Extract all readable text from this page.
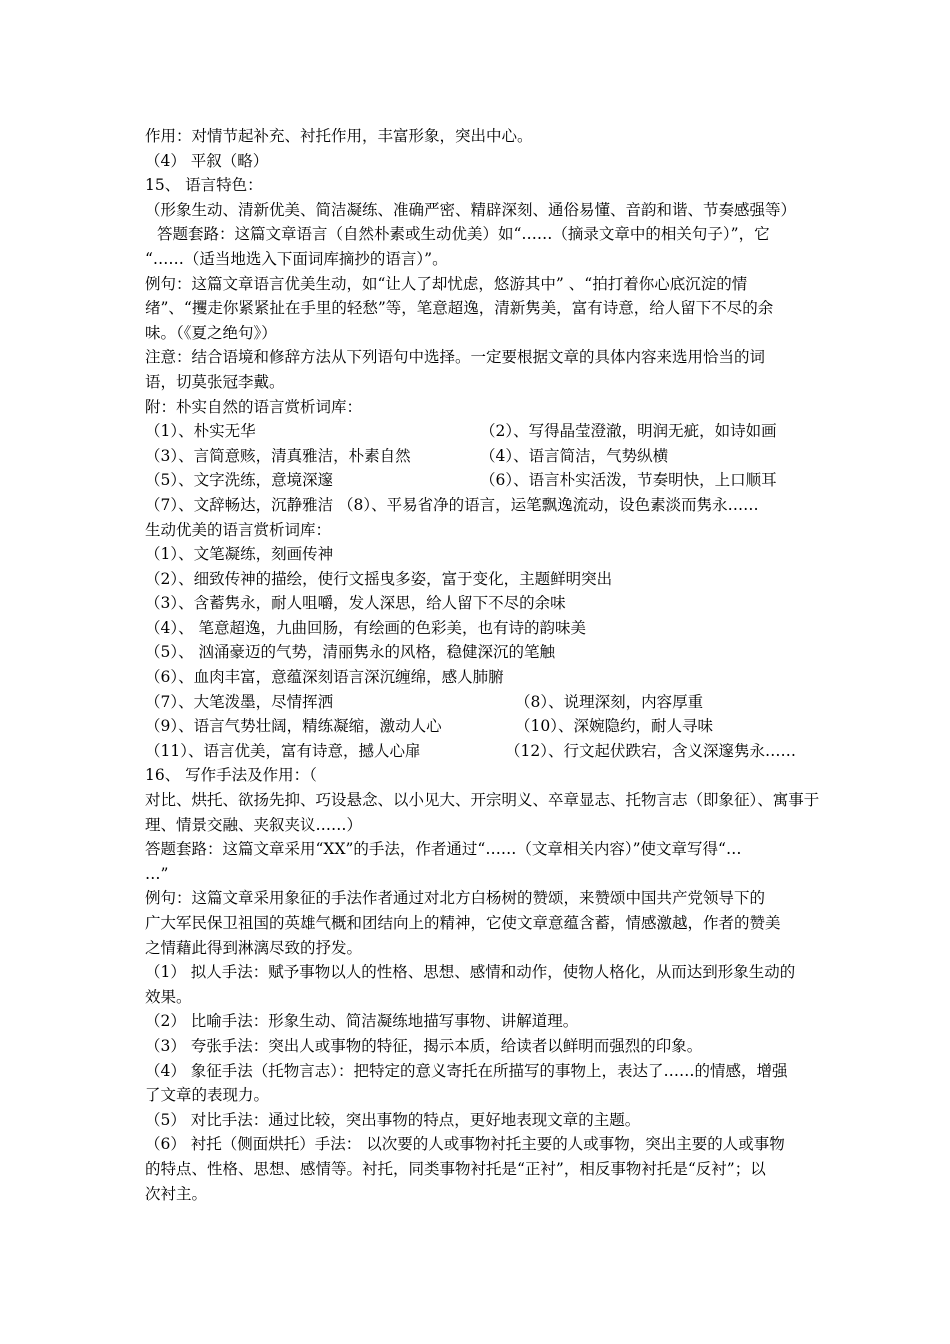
作用：对情节起补充、衬托作用，丰富形象，突出中心。
（4） 平叙（略）
15、 语言特色：
（形象生动、清新优美、简洁凝练、准确严密、精辟深刻、通俗易懂、音韵和谐、节奏感强等）
答题套路：这篇文章语言（自然朴素或生动优美）如“……（摘录文章中的相关句子）”，它
“……（适当地选入下面词库摘抄的语言）”。
例句：这篇文章语言优美生动，如“让人了却忧虑，悠游其中” 、“拍打着你心底沉淀的情
绪”、“攫走你紧紧扯在手里的轻愁”等，笔意超逸，清新隽美，富有诗意，给人留下不尽的余
味。（《夏之绝句》）
注意：结合语境和修辞方法从下列语句中选择。一定要根据文章的具体内容来选用恰当的词
语，切莫张冠李戴。
附：朴实自然的语言赏析词库：
（1）、朴实无华	（2）、写得晶莹澄澈，明润无疵，如诗如画
（3）、言简意赅，清真雅洁，朴素自然	（4）、语言简洁，气势纵横
（5）、文字洗练，意境深邃	（6）、语言朴实活泼，节奏明快，上口顺耳
（7）、文辞畅达，沉静雅洁 （8）、平易省净的语言，运笔飘逸流动，设色素淡而隽永……
生动优美的语言赏析词库：
（1）、文笔凝练，刻画传神
（2）、细致传神的描绘，使行文摇曳多姿，富于变化，主题鲜明突出
（3）、含蓄隽永，耐人咀嚼，发人深思，给人留下不尽的余味
（4）、 笔意超逸，九曲回肠，有绘画的色彩美，也有诗的韵味美
（5）、 汹涌豪迈的气势，清丽隽永的风格，稳健深沉的笔触
（6）、血肉丰富，意蕴深刻语言深沉缠绵，感人肺腑
（7）、大笔泼墨，尽情挥洒	（8）、说理深刻，内容厚重
（9）、语言气势壮阔，精练凝缩，激动人心	（10）、深婉隐约，耐人寻味
（11）、语言优美，富有诗意，撼人心扉	（12）、行文起伏跌宕，含义深邃隽永……
16、 写作手法及作用：（
对比、烘托、欲扬先抑、巧设悬念、以小见大、开宗明义、卒章显志、托物言志（即象征）、寓事于
理、情景交融、夹叙夹议……）
答题套路：这篇文章采用“XX”的手法，作者通过“……（文章相关内容）”使文章写得“…
…”
例句：这篇文章采用象征的手法作者通过对北方白杨树的赞颂，来赞颂中国共产党领导下的
广大军民保卫祖国的英雄气概和团结向上的精神，它使文章意蕴含蓄，情感激越，作者的赞美
之情藉此得到淋漓尽致的抒发。
（1） 拟人手法：赋予事物以人的性格、思想、感情和动作，使物人格化，从而达到形象生动的
效果。
（2） 比喻手法：形象生动、简洁凝练地描写事物、讲解道理。
（3） 夸张手法：突出人或事物的特征，揭示本质，给读者以鲜明而强烈的印象。
（4） 象征手法（托物言志）：把特定的意义寄托在所描写的事物上，表达了……的情感，增强
了文章的表现力。
（5） 对比手法：通过比较，突出事物的特点，更好地表现文章的主题。
（6） 衬托（侧面烘托）手法： 以次要的人或事物衬托主要的人或事物，突出主要的人或事物
的特点、性格、思想、感情等。衬托，同类事物衬托是“正衬”，相反事物衬托是“反衬”；以
次衬主。
